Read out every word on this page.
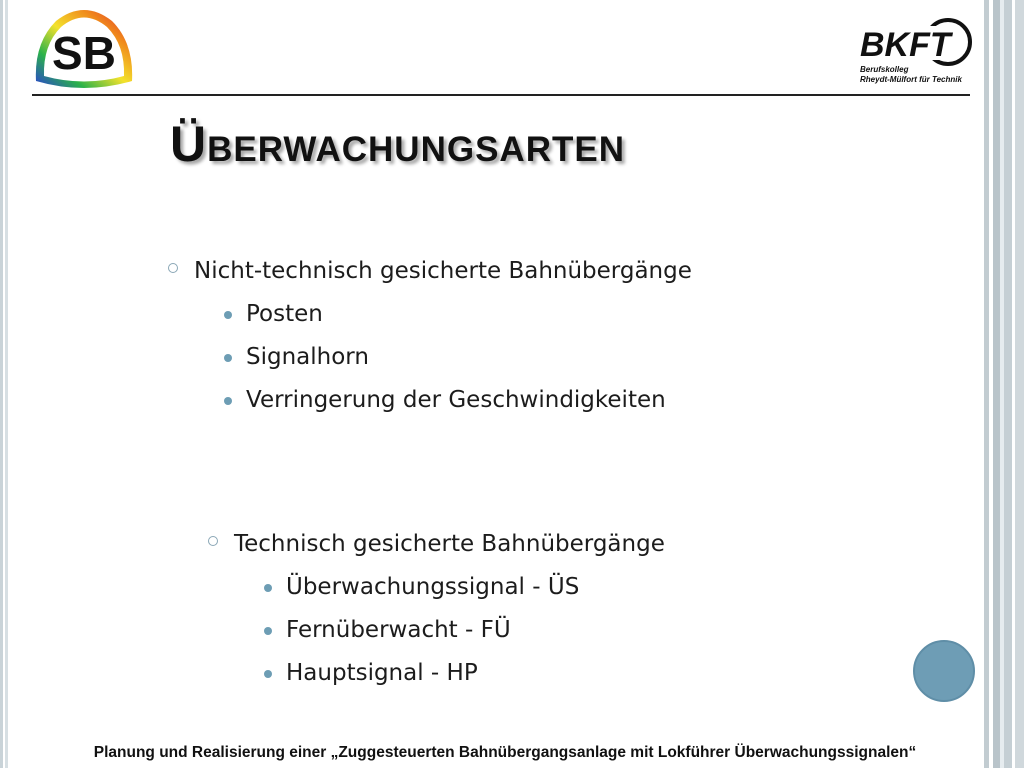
SB	BKFT
Berufskolleg
Rheydt-Mülfort für Technik
Überwachungsarten
Nicht-technisch gesicherte Bahnübergänge
Posten
Signalhorn
Verringerung der Geschwindigkeiten
Technisch gesicherte Bahnübergänge
Überwachungssignal - ÜS
Fernüberwacht - FÜ
Hauptsignal - HP
Planung und Realisierung einer „Zuggesteuerten Bahnübergangsanlage mit Lokführer Überwachungssignalen“
